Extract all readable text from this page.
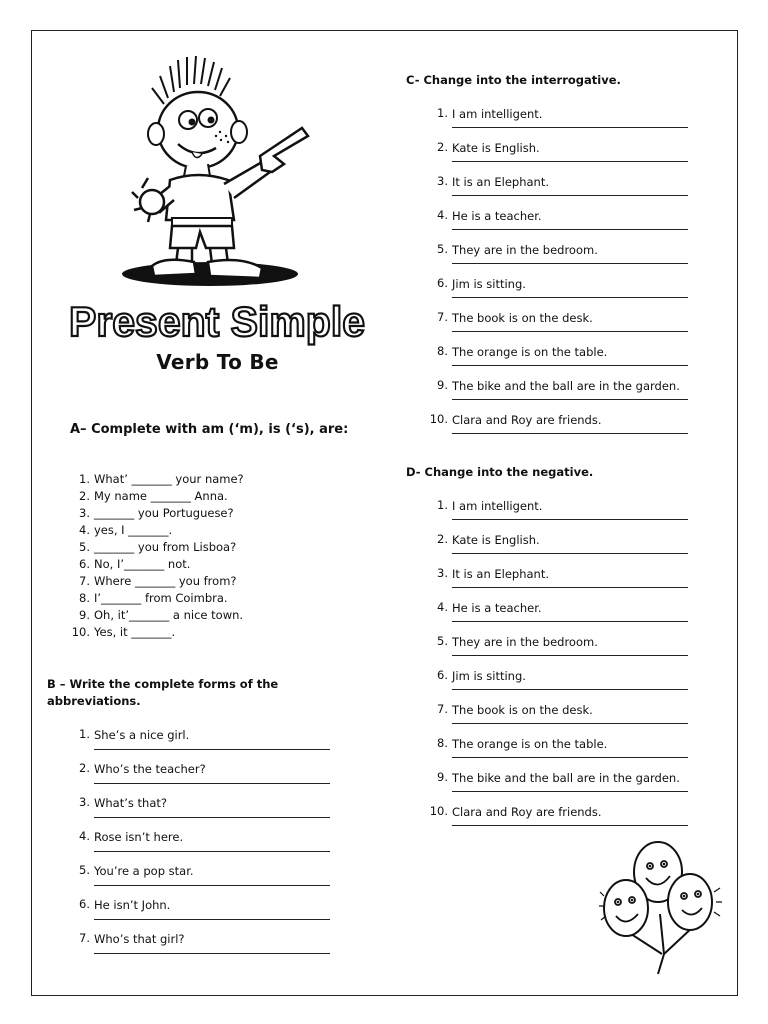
Present Simple
Verb To Be
A– Complete with am (‘m), is (‘s), are:
1. What’ _______ your name?
2. My name _______ Anna.
3. _______ you Portuguese?
4. yes, I _______.
5. _______ you from Lisboa?
6. No, I’_______ not.
7. Where _______ you from?
8. I’_______ from Coimbra.
9. Oh, it’_______ a nice town.
10. Yes, it _______.
B – Write the complete forms of the
abbreviations.
1. She’s a nice girl.
2. Who’s the teacher?
3. What’s that?
4. Rose isn’t here.
5. You’re a pop star.
6. He isn’t John.
7. Who’s that girl?
C- Change into the interrogative.
1. I am intelligent.
2. Kate is English.
3. It is an Elephant.
4. He is a teacher.
5. They are in the bedroom.
6. Jim is sitting.
7. The book is on the desk.
8. The orange is on the table.
9. The bike and the ball are in the garden.
10. Clara and Roy are friends.
D- Change into the negative.
1. I am intelligent.
2. Kate is English.
3. It is an Elephant.
4. He is a teacher.
5. They are in the bedroom.
6. Jim is sitting.
7. The book is on the desk.
8. The orange is on the table.
9. The bike and the ball are in the garden.
10. Clara and Roy are friends.
